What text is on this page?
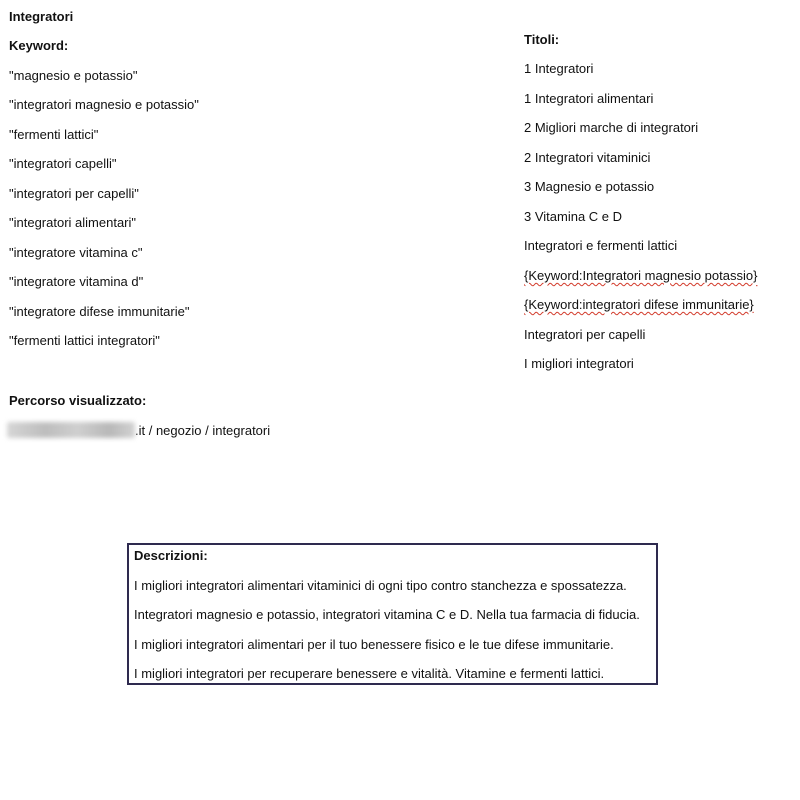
Integratori
Keyword:
"magnesio e potassio"
"integratori magnesio e potassio"
"fermenti lattici"
"integratori capelli"
"integratori per capelli"
"integratori alimentari"
"integratore vitamina c"
"integratore vitamina d"
"integratore difese immunitarie"
"fermenti lattici integratori"
Titoli:
1 Integratori
1 Integratori alimentari
2 Migliori marche di integratori
2 Integratori vitaminici
3 Magnesio e potassio
3 Vitamina C e D
Integratori e fermenti lattici
{Keyword:Integratori magnesio potassio}
{Keyword:integratori difese immunitarie}
Integratori per capelli
I migliori integratori
Percorso visualizzato:
.it / negozio / integratori
Descrizioni:
I migliori integratori alimentari vitaminici di ogni tipo contro stanchezza e spossatezza.
Integratori magnesio e potassio, integratori vitamina C e D. Nella tua farmacia di fiducia.
I migliori integratori alimentari per il tuo benessere fisico e le tue difese immunitarie.
I migliori integratori per recuperare benessere e vitalità. Vitamine e fermenti lattici.
